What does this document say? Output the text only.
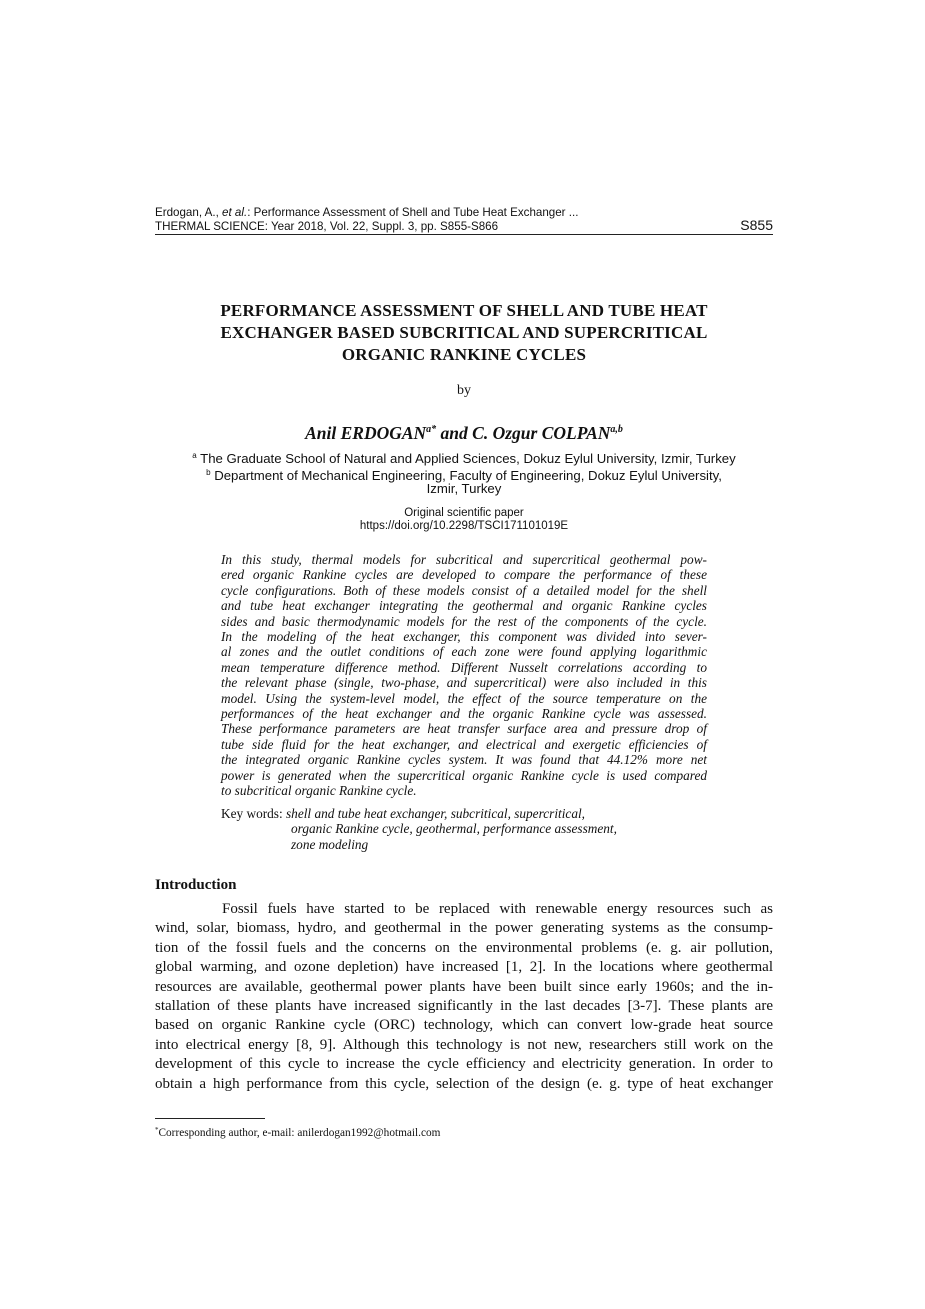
Erdogan, A., et al.: Performance Assessment of Shell and Tube Heat Exchanger ...
THERMAL SCIENCE: Year 2018, Vol. 22, Suppl. 3, pp. S855-S866	S855
PERFORMANCE ASSESSMENT OF SHELL AND TUBE HEAT
EXCHANGER BASED SUBCRITICAL AND SUPERCRITICAL
ORGANIC RANKINE CYCLES
by
Anil $ERDOGAN^{a*}$ and C. Ozgur COLPAN$^{a,b}$
$^a$ The Graduate School of Natural and Applied Sciences, Dokuz Eylul University, Izmir, Turkey
$^b$ Department of Mechanical Engineering, Faculty of Engineering, Dokuz Eylul University,
Izmir, Turkey
Original scientific paper
https://doi.org/10.2298/TSCI171101019E
In this study, thermal models for subcritical and supercritical geothermal pow-
ered organic Rankine cycles are developed to compare the performance of these
cycle configurations. Both of these models consist of a detailed model for the shell
and tube heat exchanger integrating the geothermal and organic Rankine cycles
sides and basic thermodynamic models for the rest of the components of the cycle.
In the modeling of the heat exchanger, this component was divided into sever-
al zones and the outlet conditions of each zone were found applying logarithmic
mean temperature difference method. Different Nusselt correlations according to
the relevant phase (single, two-phase, and supercritical) were also included in this
model. Using the system-level model, the effect of the source temperature on the
performances of the heat exchanger and the organic Rankine cycle was assessed.
These performance parameters are heat transfer surface area and pressure drop of
tube side fluid for the heat exchanger, and electrical and exergetic efficiencies of
the integrated organic Rankine cycles system. It was found that 44.12% more net
power is generated when the supercritical organic Rankine cycle is used compared
to subcritical organic Rankine cycle.
Key words: shell and tube heat exchanger, subcritical, supercritical,
organic Rankine cycle, geothermal, performance assessment,
zone modeling
Introduction
Fossil fuels have started to be replaced with renewable energy resources such as
wind, solar, biomass, hydro, and geothermal in the power generating systems as the consump-
tion of the fossil fuels and the concerns on the environmental problems (e. g. air pollution,
global warming, and ozone depletion) have increased [1, 2]. In the locations where geothermal
resources are available, geothermal power plants have been built since early 1960s; and the in-
stallation of these plants have increased significantly in the last decades [3-7]. These plants are
based on organic Rankine cycle (ORC) technology, which can convert low-grade heat source
into electrical energy [8, 9]. Although this technology is not new, researchers still work on the
development of this cycle to increase the cycle efficiency and electricity generation. In order to
obtain a high performance from this cycle, selection of the design (e. g. type of heat exchanger
*Corresponding author, e-mail: anilerdogan1992@hotmail.com
